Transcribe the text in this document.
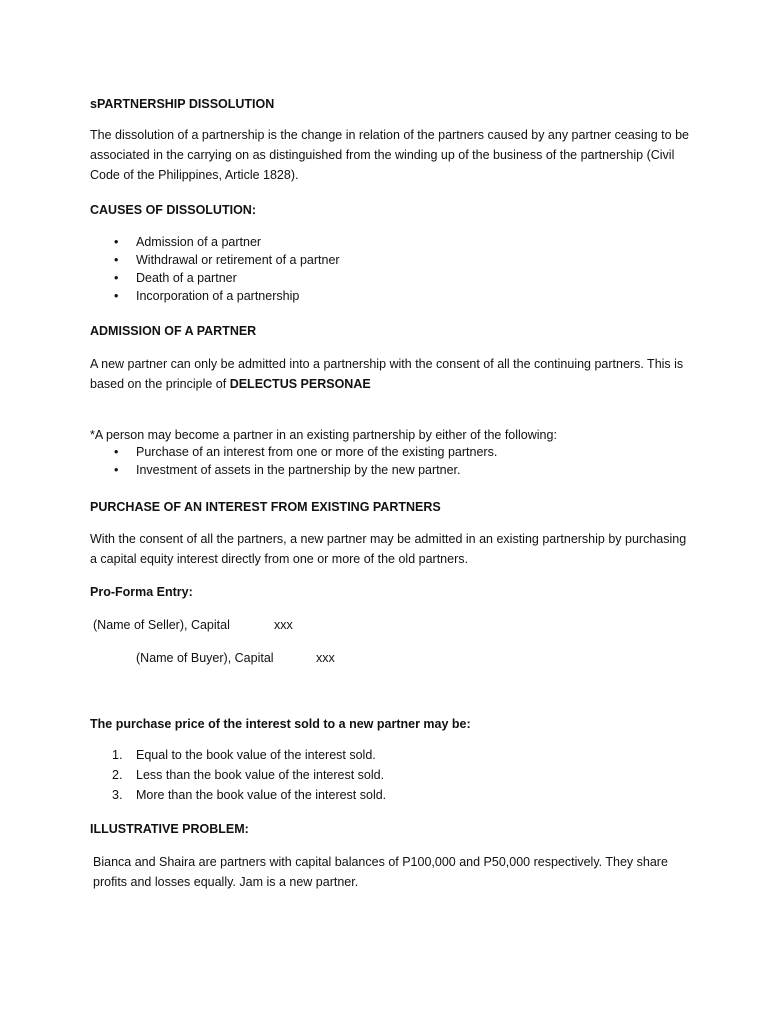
sPARTNERSHIP DISSOLUTION

The dissolution of a partnership is the change in relation of the partners caused by any partner ceasing to be associated in the carrying on as distinguished from the winding up of the business of the partnership (Civil Code of the Philippines, Article 1828).

CAUSES OF DISSOLUTION:

• Admission of a partner
• Withdrawal or retirement of a partner
• Death of a partner
• Incorporation of a partnership

ADMISSION OF A PARTNER

A new partner can only be admitted into a partnership with the consent of all the continuing partners. This is based on the principle of DELECTUS PERSONAE

*A person may become a partner in an existing partnership by either of the following:

• Purchase of an interest from one or more of the existing partners.
• Investment of assets in the partnership by the new partner.

PURCHASE OF AN INTEREST FROM EXISTING PARTNERS

With the consent of all the partners, a new partner may be admitted in an existing partnership by purchasing a capital equity interest directly from one or more of the old partners.

Pro-Forma Entry:

(Name of Seller), Capital	xxx
(Name of Buyer), Capital	xxx

The purchase price of the interest sold to a new partner may be:

1. Equal to the book value of the interest sold.
2. Less than the book value of the interest sold.
3. More than the book value of the interest sold.

ILLUSTRATIVE PROBLEM:

Bianca and Shaira are partners with capital balances of P100,000 and P50,000 respectively. They share profits and losses equally. Jam is a new partner.
